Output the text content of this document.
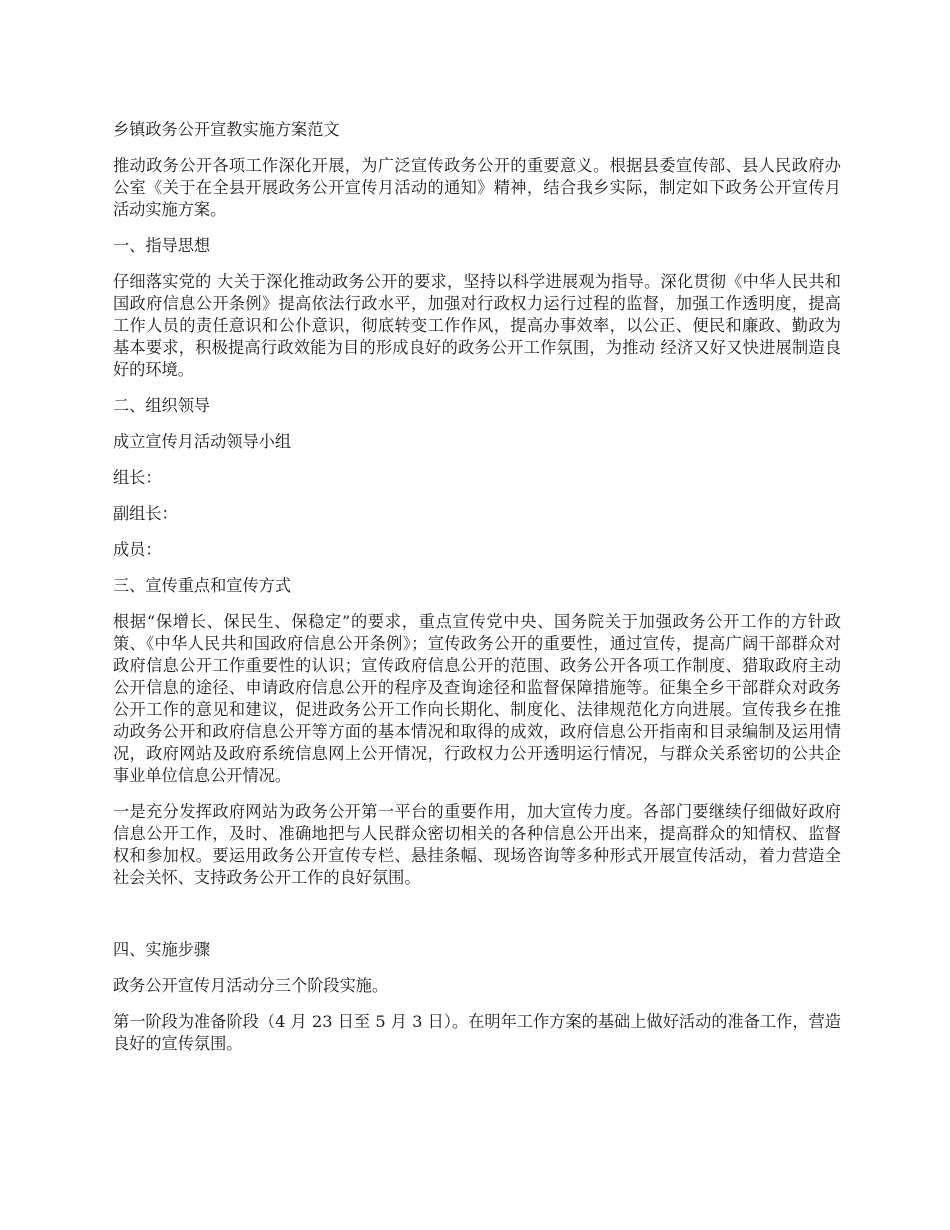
乡镇政务公开宣教实施方案范文

推动政务公开各项工作深化开展，为广泛宣传政务公开的重要意义。根据县委宣传部、县人民政府办公室《关于在全县开展政务公开宣传月活动的通知》精神，结合我乡实际，制定如下政务公开宣传月活动实施方案。

一、指导思想

仔细落实党的 大关于深化推动政务公开的要求，坚持以科学进展观为指导。深化贯彻《中华人民共和国政府信息公开条例》提高依法行政水平，加强对行政权力运行过程的监督，加强工作透明度，提高工作人员的责任意识和公仆意识，彻底转变工作作风，提高办事效率，以公正、便民和廉政、勤政为基本要求，积极提高行政效能为目的形成良好的政务公开工作氛围，为推动 经济又好又快进展制造良好的环境。

二、组织领导

成立宣传月活动领导小组

组长：

副组长：

成员：

三、宣传重点和宣传方式

根据“保增长、保民生、保稳定”的要求，重点宣传党中央、国务院关于加强政务公开工作的方针政策、《中华人民共和国政府信息公开条例》；宣传政务公开的重要性，通过宣传，提高广阔干部群众对政府信息公开工作重要性的认识；宣传政府信息公开的范围、政务公开各项工作制度、猎取政府主动公开信息的途径、申请政府信息公开的程序及查询途径和监督保障措施等。征集全乡干部群众对政务公开工作的意见和建议，促进政务公开工作向长期化、制度化、法律规范化方向进展。宣传我乡在推动政务公开和政府信息公开等方面的基本情况和取得的成效，政府信息公开指南和目录编制及运用情况，政府网站及政府系统信息网上公开情况，行政权力公开透明运行情况，与群众关系密切的公共企事业单位信息公开情况。

一是充分发挥政府网站为政务公开第一平台的重要作用，加大宣传力度。各部门要继续仔细做好政府信息公开工作，及时、准确地把与人民群众密切相关的各种信息公开出来，提高群众的知情权、监督权和参加权。要运用政务公开宣传专栏、悬挂条幅、现场咨询等多种形式开展宣传活动，着力营造全社会关怀、支持政务公开工作的良好氛围。

四、实施步骤

政务公开宣传月活动分三个阶段实施。

第一阶段为准备阶段（4 月 23 日至 5 月 3 日）。在明年工作方案的基础上做好活动的准备工作，营造良好的宣传氛围。
